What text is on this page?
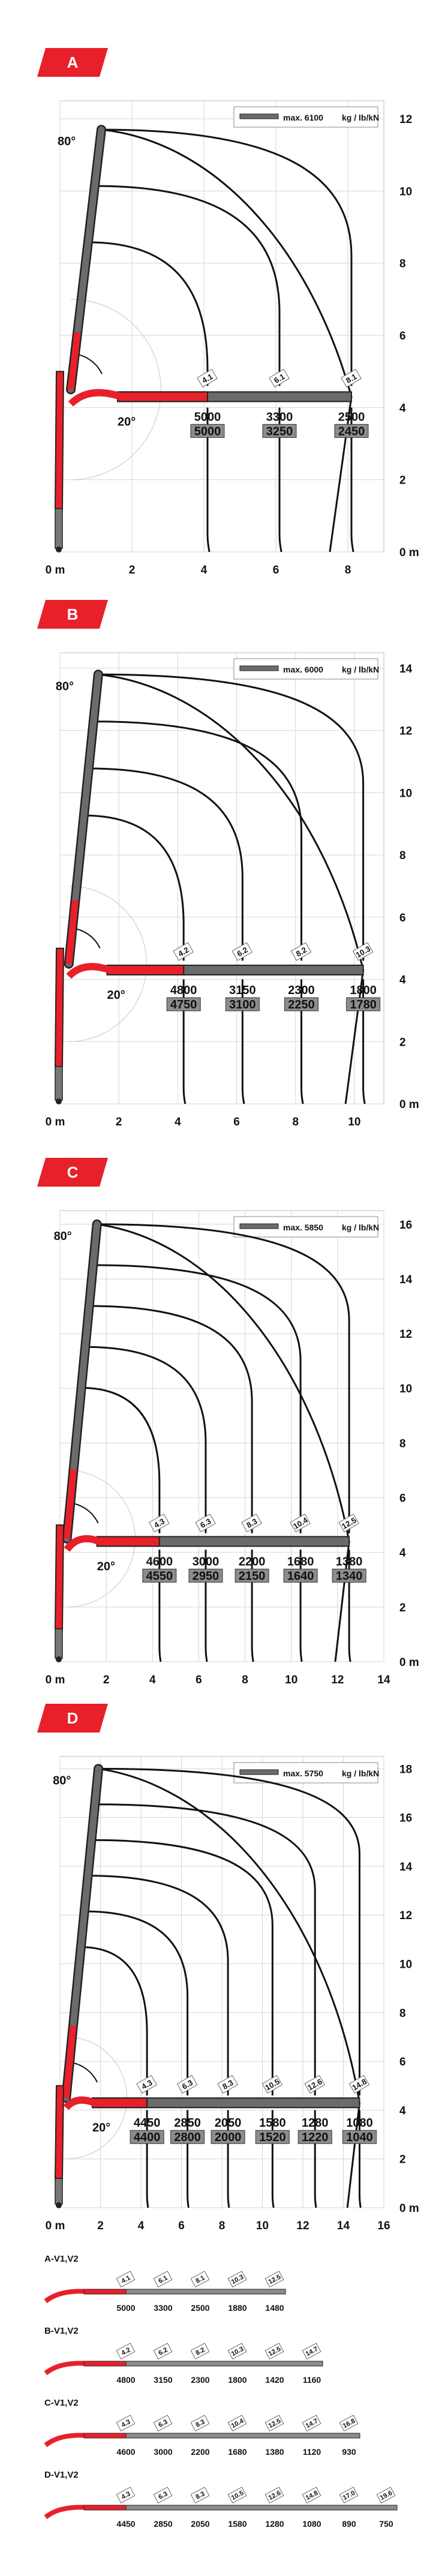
A
0 m	2	4	6	8
0 m
2
4
6
8
10
12
max. 6100 kg / lb/kN
80°
20°
4.1	6.1	8.1
5000
5000
3300
3250
2500
2450
B
0 m	2	4	6	8	10
0 m
2
4
6
8
10
12
14
max. 6000 kg / lb/kN
80°
20°
4.2	6.2	8.2	10.3
4800
4750
3150
3100
2300
2250
1800
1780
C
0 m	2	4	6	8	10	12	14
0 m
2
4
6
8
10
12
14
16
max. 5850 kg / lb/kN
80°
20°
4.3	6.3	8.3	10.4	12.5
4600
4550
3000
2950
2200
2150
1680
1640
1380
1340
D
0 m	2	4	6	8	10 12 14 16
0 m
2
4
6
8
10
12
14
16
18
max. 5750 kg / lb/kN
80°
20°
4.3	6.3	8.3	10.5	12.6	14.8
4450
4400
2850
2800
2050
2000
1580
1520
1280
1220
1080
1040
A-V1,V2
4.1	6.1	8.1	10.3	12.5
5000 3300 2500 1880 1480
B-V1,V2
4.2	6.2	8.2	10.3	12.5	14.7
4800 3150 2300 1800 1420 1160
C-V1,V2
4.3	6.3	8.3	10.4	12.5	14.7	16.8
4600 3000 2200 1680 1380 1120	930
D-V1,V2
4.3	6.3	8.3	10.5	12.6	14.8	17.0	19.6
4450 2850 2050 1580 1280 1080 890	750
